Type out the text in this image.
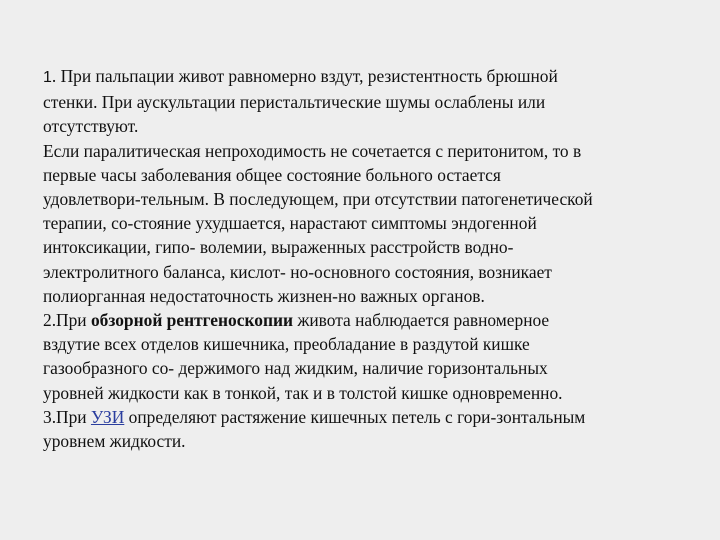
1. При пальпации живот равномерно вздут, резистентность брюшной
стенки. При аускультации перистальтические шумы ослаблены или
отсутствуют.
Если паралитическая непроходимость не сочетается с перитонитом, то в
первые часы заболевания общее состояние больного остается
удовлетвори-тельным. В последующем, при отсутствии патогенетической
терапии, со-стояние ухудшается, нарастают симптомы эндогенной
интоксикации, гипо- волемии, выраженных расстройств водно-
электролитного баланса, кислот- но-основного состояния, возникает
полиорганная недостаточность жизнен-но важных органов.
2.При обзорной рентгеноскопии живота наблюдается равномерное
вздутие всех отделов кишечника, преобладание в раздутой кишке
газообразного со- держимого над жидким, наличие горизонтальных
уровней жидкости как в тонкой, так и в толстой кишке одновременно.
3.При УЗИ определяют растяжение кишечных петель с гори-зонтальным
уровнем жидкости.
